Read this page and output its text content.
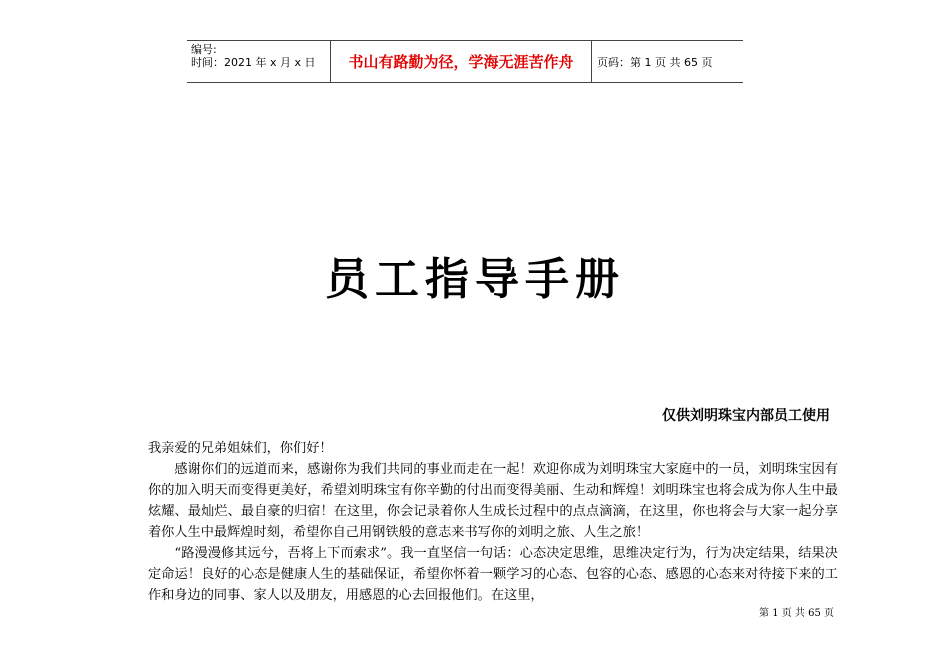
编号:
时间：2021 年 x 月 x 日	书山有路勤为径，学海无涯苦作舟	页码：第 1 页 共 65 页
员工指导手册
仅供刘明珠宝内部员工使用

我亲爱的兄弟姐妹们，你们好！

感谢你们的远道而来，感谢你为我们共同的事业而走在一起！欢迎你成为刘明珠宝大家庭中的一员，刘明珠宝因有你的加入明天而变得更美好，希望刘明珠宝有你辛勤的付出而变得美丽、生动和辉煌！刘明珠宝也将会成为你人生中最炫耀、最灿烂、最自豪的归宿！在这里，你会记录着你人生成长过程中的点点滴滴，在这里，你也将会与大家一起分享着你人生中最辉煌时刻，希望你自己用钢铁般的意志来书写你的刘明之旅、人生之旅！

“路漫漫修其远兮，吾将上下而索求”。我一直坚信一句话：心态决定思维，思维决定行为，行为决定结果，结果决定命运！良好的心态是健康人生的基础保证，希望你怀着一颗学习的心态、包容的心态、感恩的心态来对待接下来的工作和身边的同事、家人以及朋友，用感恩的心去回报他们。在这里，

第 1 页 共 65 页
